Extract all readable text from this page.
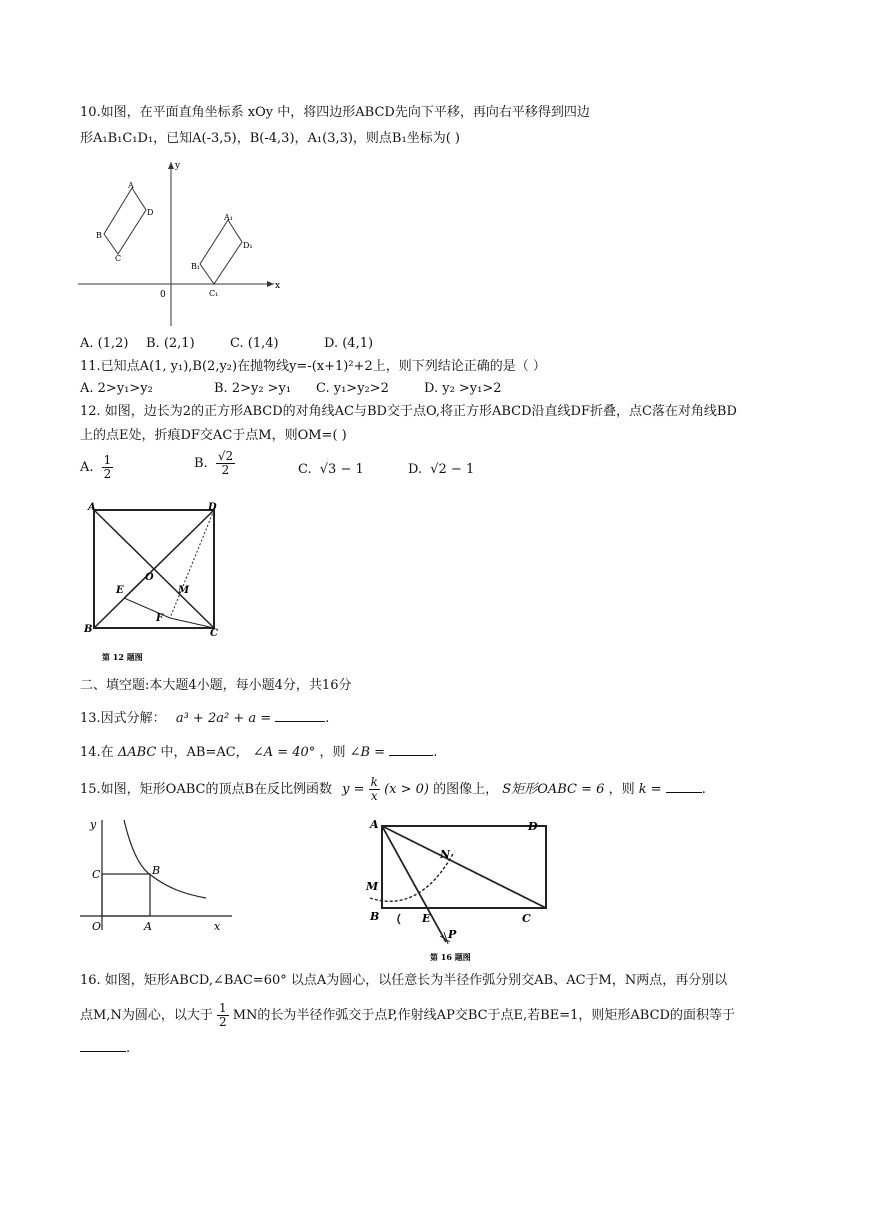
10.如图，在平面直角坐标系 xOy 中，将四边形ABCD先向下平移，再向右平移得到四边
形A₁B₁C₁D₁，已知A(-3,5)，B(-4,3)，A₁(3,3)，则点B₁坐标为( )
y
x
0
A
D
B
C
A₁
D₁
B₁
C₁
A. (1,2) B. (2,1)	C. (1,4)	D. (4,1)
11.已知点A(1, y₁),B(2,y₂)在抛物线y=-(x+1)²+2上，则下列结论正确的是（ ）
A. 2>y₁>y₂	B. 2>y₂ >y₁ C. y₁>y₂>2	D. y₂ >y₁>2
12. 如图，边长为2的正方形ABCD的对角线AC与BD交于点O,将正方形ABCD沿直线DF折叠，点C落在对角线BD
上的点E处，折痕DF交AC于点M，则OM=( )
A. $\frac{1}{2}$	B. $\frac{√2}{2}$	C. √3 − 1	D. √2 − 1
A	D
B	C
O
E	M
F
第 12 题图
二、填空题:本大题4小题，每小题4分，共16分
13.因式分解： a³ + 2a² + a =	.
14.在 ΔABC 中，AB=AC， ∠A = 40° ，则 ∠B =	.
15.如图，矩形OABC的顶点B在反比例函数 $y = \frac{k}{x} (x > 0)$ 的图像上， S矩形OABC = 6 ，则 k =	.
y
x
O
C	B
A
A	D
M
B	C
N
E
P
第 16 题图
16. 如图，矩形ABCD,∠BAC=60° 以点A为圆心，以任意长为半径作弧分别交AB、AC于M，N两点，再分别以
点M,N为圆心，以大于 $\frac{1}{2}$ MN的长为半径作弧交于点P,作射线AP交BC于点E,若BE=1，则矩形ABCD的面积等于
.
